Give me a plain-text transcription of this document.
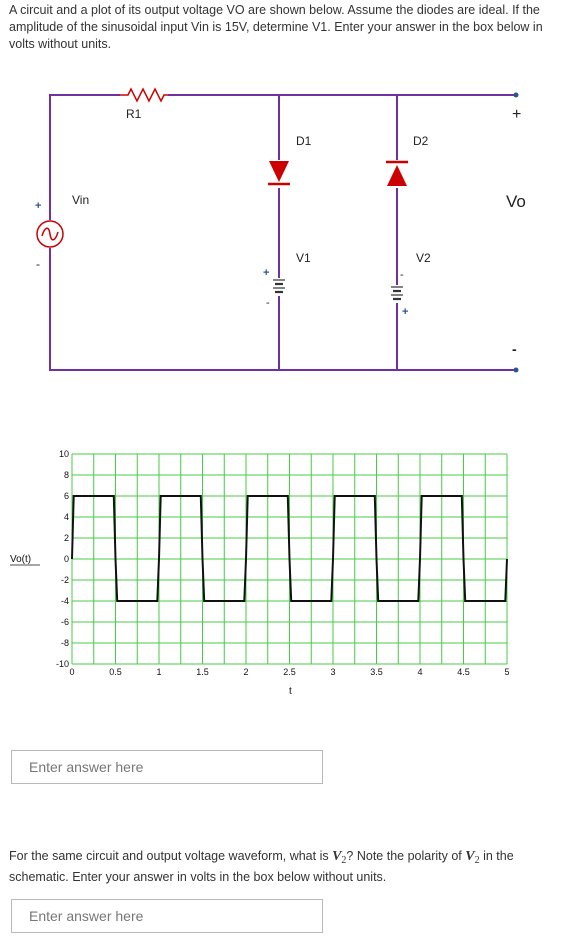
A circuit and a plot of its output voltage VO are shown below. Assume the diodes are ideal. If the amplitude of the sinusoidal input Vin is 15V, determine V1. Enter your answer in the box below in volts without units.
R1
+
-
Vin
D1
V1
+
-
D2
V2
-
+
+
Vo
-
10
8
6
4
2
0
-2
-4
-6
-8
-10
0	0.5	1	1.5	2	2.5	3	3.5	4	4.5	5
Vo(t)
t
Enter answer here
For the same circuit and output voltage waveform, what is $V_2$? Note the polarity of $V_2$ in the schematic. Enter your answer in volts in the box below without units.
Enter answer here
